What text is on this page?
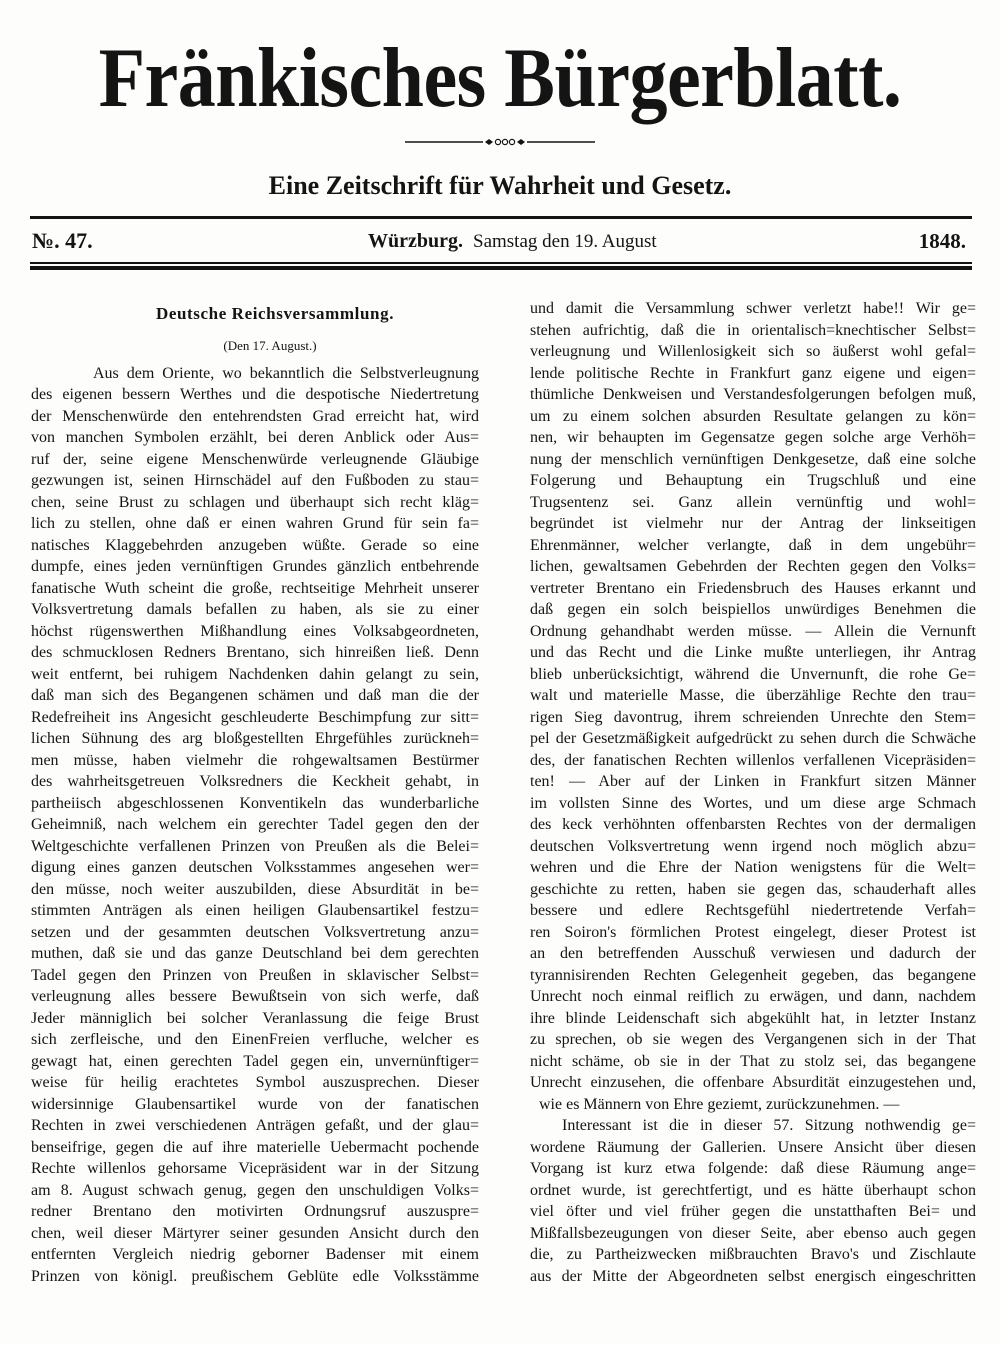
Fränkisches Bürgerblatt.
Eine Zeitschrift für Wahrheit und Gesetz.
№. 47.	Würzburg. Samstag den 19. August	1848.
Deutsche Reichsversammlung.
(Den 17. August.)
Aus dem Oriente, wo bekanntlich die Selbstverleugnung
des eigenen bessern Werthes und die despotische Niedertretung
der Menschenwürde den entehrendsten Grad erreicht hat, wird
von manchen Symbolen erzählt, bei deren Anblick oder Aus=
ruf der, seine eigene Menschenwürde verleugnende Gläubige
gezwungen ist, seinen Hirnschädel auf den Fußboden zu stau=
chen, seine Brust zu schlagen und überhaupt sich recht kläg=
lich zu stellen, ohne daß er einen wahren Grund für sein fa=
natisches Klaggebehrden anzugeben wüßte. Gerade so eine
dumpfe, eines jeden vernünftigen Grundes gänzlich entbehrende
fanatische Wuth scheint die große, rechtseitige Mehrheit unserer
Volksvertretung damals befallen zu haben, als sie zu einer
höchst rügenswerthen Mißhandlung eines Volksabgeordneten,
des schmucklosen Redners Brentano, sich hinreißen ließ. Denn
weit entfernt, bei ruhigem Nachdenken dahin gelangt zu sein,
daß man sich des Begangenen schämen und daß man die der
Redefreiheit ins Angesicht geschleuderte Beschimpfung zur sitt=
lichen Sühnung des arg bloßgestellten Ehrgefühles zurückneh=
men müsse, haben vielmehr die rohgewaltsamen Bestürmer
des wahrheitsgetreuen Volksredners die Keckheit gehabt, in
partheiisch abgeschlossenen Konventikeln das wunderbarliche
Geheimniß, nach welchem ein gerechter Tadel gegen den der
Weltgeschichte verfallenen Prinzen von Preußen als die Belei=
digung eines ganzen deutschen Volksstammes angesehen wer=
den müsse, noch weiter auszubilden, diese Absurdität in be=
stimmten Anträgen als einen heiligen Glaubensartikel festzu=
setzen und der gesammten deutschen Volksvertretung anzu=
muthen, daß sie und das ganze Deutschland bei dem gerechten
Tadel gegen den Prinzen von Preußen in sklavischer Selbst=
verleugnung alles bessere Bewußtsein von sich werfe, daß
Jeder männiglich bei solcher Veranlassung die feige Brust
sich zerfleische, und den EinenFreien verfluche, welcher es
gewagt hat, einen gerechten Tadel gegen ein, unvernünftiger=
weise für heilig erachtetes Symbol auszusprechen. Dieser
widersinnige Glaubensartikel wurde von der fanatischen
Rechten in zwei verschiedenen Anträgen gefaßt, und der glau=
benseifrige, gegen die auf ihre materielle Uebermacht pochende
Rechte willenlos gehorsame Vicepräsident war in der Sitzung
am 8. August schwach genug, gegen den unschuldigen Volks=
redner Brentano den motivirten Ordnungsruf auszuspre=
chen, weil dieser Märtyrer seiner gesunden Ansicht durch den
entfernten Vergleich niedrig geborner Badenser mit einem
Prinzen von königl. preußischem Geblüte edle Volksstämme
und damit die Versammlung schwer verletzt habe!! Wir ge=
stehen aufrichtig, daß die in orientalisch=knechtischer Selbst=
verleugnung und Willenlosigkeit sich so äußerst wohl gefal=
lende politische Rechte in Frankfurt ganz eigene und eigen=
thümliche Denkweisen und Verstandesfolgerungen befolgen muß,
um zu einem solchen absurden Resultate gelangen zu kön=
nen, wir behaupten im Gegensatze gegen solche arge Verhöh=
nung der menschlich vernünftigen Denkgesetze, daß eine solche
Folgerung und Behauptung ein Trugschluß und eine
Trugsentenz sei. Ganz allein vernünftig und wohl=
begründet ist vielmehr nur der Antrag der linkseitigen
Ehrenmänner, welcher verlangte, daß in dem ungebühr=
lichen, gewaltsamen Gebehrden der Rechten gegen den Volks=
vertreter Brentano ein Friedensbruch des Hauses erkannt und
daß gegen ein solch beispiellos unwürdiges Benehmen die
Ordnung gehandhabt werden müsse. — Allein die Vernunft
und das Recht und die Linke mußte unterliegen, ihr Antrag
blieb unberücksichtigt, während die Unvernunft, die rohe Ge=
walt und materielle Masse, die überzählige Rechte den trau=
rigen Sieg davontrug, ihrem schreienden Unrechte den Stem=
pel der Gesetzmäßigkeit aufgedrückt zu sehen durch die Schwäche
des, der fanatischen Rechten willenlos verfallenen Vicepräsiden=
ten! — Aber auf der Linken in Frankfurt sitzen Männer
im vollsten Sinne des Wortes, und um diese arge Schmach
des keck verhöhnten offenbarsten Rechtes von der dermaligen
deutschen Volksvertretung wenn irgend noch möglich abzu=
wehren und die Ehre der Nation wenigstens für die Welt=
geschichte zu retten, haben sie gegen das, schauderhaft alles
bessere und edlere Rechtsgefühl niedertretende Verfah=
ren Soiron's förmlichen Protest eingelegt, dieser Protest ist
an den betreffenden Ausschuß verwiesen und dadurch der
tyrannisirenden Rechten Gelegenheit gegeben, das begangene
Unrecht noch einmal reiflich zu erwägen, und dann, nachdem
ihre blinde Leidenschaft sich abgekühlt hat, in letzter Instanz
zu sprechen, ob sie wegen des Vergangenen sich in der That
nicht schäme, ob sie in der That zu stolz sei, das begangene
Unrecht einzusehen, die offenbare Absurdität einzugestehen und,
wie es Männern von Ehre geziemt, zurückzunehmen. —
Interessant ist die in dieser 57. Sitzung nothwendig ge=
wordene Räumung der Gallerien. Unsere Ansicht über diesen
Vorgang ist kurz etwa folgende: daß diese Räumung ange=
ordnet wurde, ist gerechtfertigt, und es hätte überhaupt schon
viel öfter und viel früher gegen die unstatthaften Bei= und
Mißfallsbezeugungen von dieser Seite, aber ebenso auch gegen
die, zu Partheizwecken mißbrauchten Bravo's und Zischlaute
aus der Mitte der Abgeordneten selbst energisch eingeschritten
